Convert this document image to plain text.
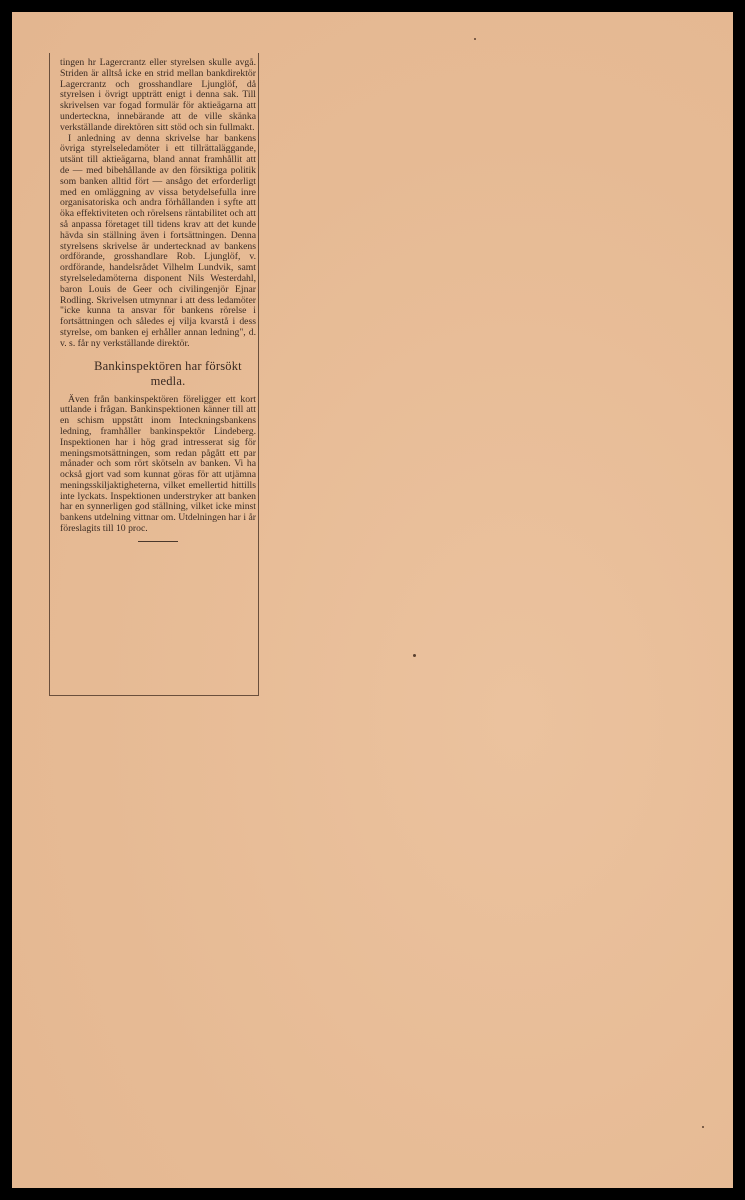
tingen hr Lagercrantz eller styrelsen skulle avgå. Striden är alltså icke en strid mellan bankdirektör Lagercrantz och grosshandlare Ljunglöf, då styrelsen i övrigt uppträtt enigt i denna sak. Till skrivelsen var fogad formulär för aktieägarna att underteckna, innebärande att de ville skänka verkställande direktören sitt stöd och sin fullmakt.

I anledning av denna skrivelse har bankens övriga styrelseledamöter i ett tillrättaläggande, utsänt till aktieägarna, bland annat framhållit att de — med bibehållande av den försiktiga politik som banken alltid fört — ansågo det erforderligt med en omläggning av vissa betydelsefulla inre organisatoriska och andra förhållanden i syfte att öka effektiviteten och rörelsens räntabilitet och att så anpassa företaget till tidens krav att det kunde hävda sin ställning även i fortsättningen. Denna styrelsens skrivelse är undertecknad av bankens ordförande, grosshandlare Rob. Ljunglöf, v. ordförande, handelsrådet Vilhelm Lundvik, samt styrelseledamöterna disponent Nils Westerdahl, baron Louis de Geer och civilingenjör Ejnar Rodling. Skrivelsen utmynnar i att dess ledamöter "icke kunna ta ansvar för bankens rörelse i fortsättningen och således ej vilja kvarstå i dess styrelse, om banken ej erhåller annan ledning", d. v. s. får ny verkställande direktör.

Bankinspektören har försökt medla.

Även från bankinspektören föreligger ett kort uttlande i frågan. Bankinspektionen känner till att en schism uppstått inom Inteckningsbankens ledning, framhåller bankinspektör Lindeberg. Inspektionen har i hög grad intresserat sig för meningsmotsättningen, som redan pågått ett par månader och som rört skötseln av banken. Vi ha också gjort vad som kunnat göras för att utjämna meningsskiljaktigheterna, vilket emellertid hittills inte lyckats. Inspektionen understryker att banken har en synnerligen god ställning, vilket icke minst bankens utdelning vittnar om. Utdelningen har i år föreslagits till 10 proc.
